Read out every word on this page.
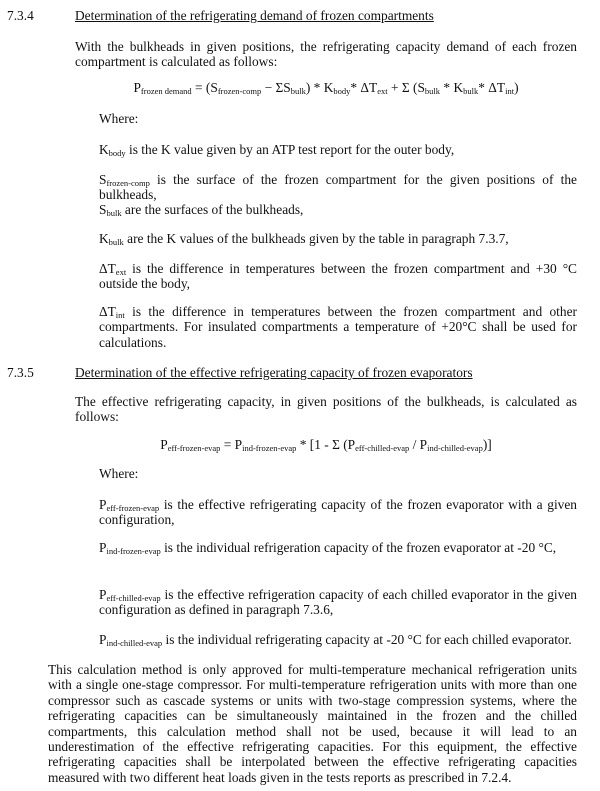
7.3.4	Determination of the refrigerating demand of frozen compartments
With the bulkheads in given positions, the refrigerating capacity demand of each frozen compartment is calculated as follows:
$P_{frozen demand} = (S_{frozen-comp} - \Sigma S_{bulk}) * K_{body}*$ $\Delta T_{ext} + \Sigma$ ($S_{bulk} * K_{bulk}*$ $\Delta T_{int}$)
Where:
$K_{body}$ is the K value given by an ATP test report for the outer body,
$S_{frozen-comp}$ is the surface of the frozen compartment for the given positions of the bulkheads,
$S_{bulk}$ are the surfaces of the bulkheads,
$K_{bulk}$ are the K values of the bulkheads given by the table in paragraph 7.3.7,
$\Delta T_{ext}$ is the difference in temperatures between the frozen compartment and +30 °C outside the body,
$\Delta T_{int}$ is the difference in temperatures between the frozen compartment and other compartments. For insulated compartments a temperature of +20°C shall be used for calculations.
7.3.5	Determination of the effective refrigerating capacity of frozen evaporators
The effective refrigerating capacity, in given positions of the bulkheads, is calculated as follows:
$P_{eff-frozen-evap} = P_{ind-frozen-evap} * [1 - \Sigma$ $(P_{eff-chilled-evap} / P_{ind-chilled-evap})$]
Where:
$P_{eff-frozen-evap}$ is the effective refrigerating capacity of the frozen evaporator with a given configuration,
$P_{ind-frozen-evap}$ is the individual refrigeration capacity of the frozen evaporator at -20 °C,
$P_{eff-chilled-evap}$ is the effective refrigeration capacity of each chilled evaporator in the given configuration as defined in paragraph 7.3.6,
$P_{ind-chilled-evap}$ is the individual refrigerating capacity at -20 °C for each chilled evaporator.
This calculation method is only approved for multi-temperature mechanical refrigeration units with a single one-stage compressor. For multi-temperature refrigeration units with more than one compressor such as cascade systems or units with two-stage compression systems, where the refrigerating capacities can be simultaneously maintained in the frozen and the chilled compartments, this calculation method shall not be used, because it will lead to an underestimation of the effective refrigerating capacities. For this equipment, the effective refrigerating capacities shall be interpolated between the effective refrigerating capacities measured with two different heat loads given in the tests reports as prescribed in 7.2.4.
